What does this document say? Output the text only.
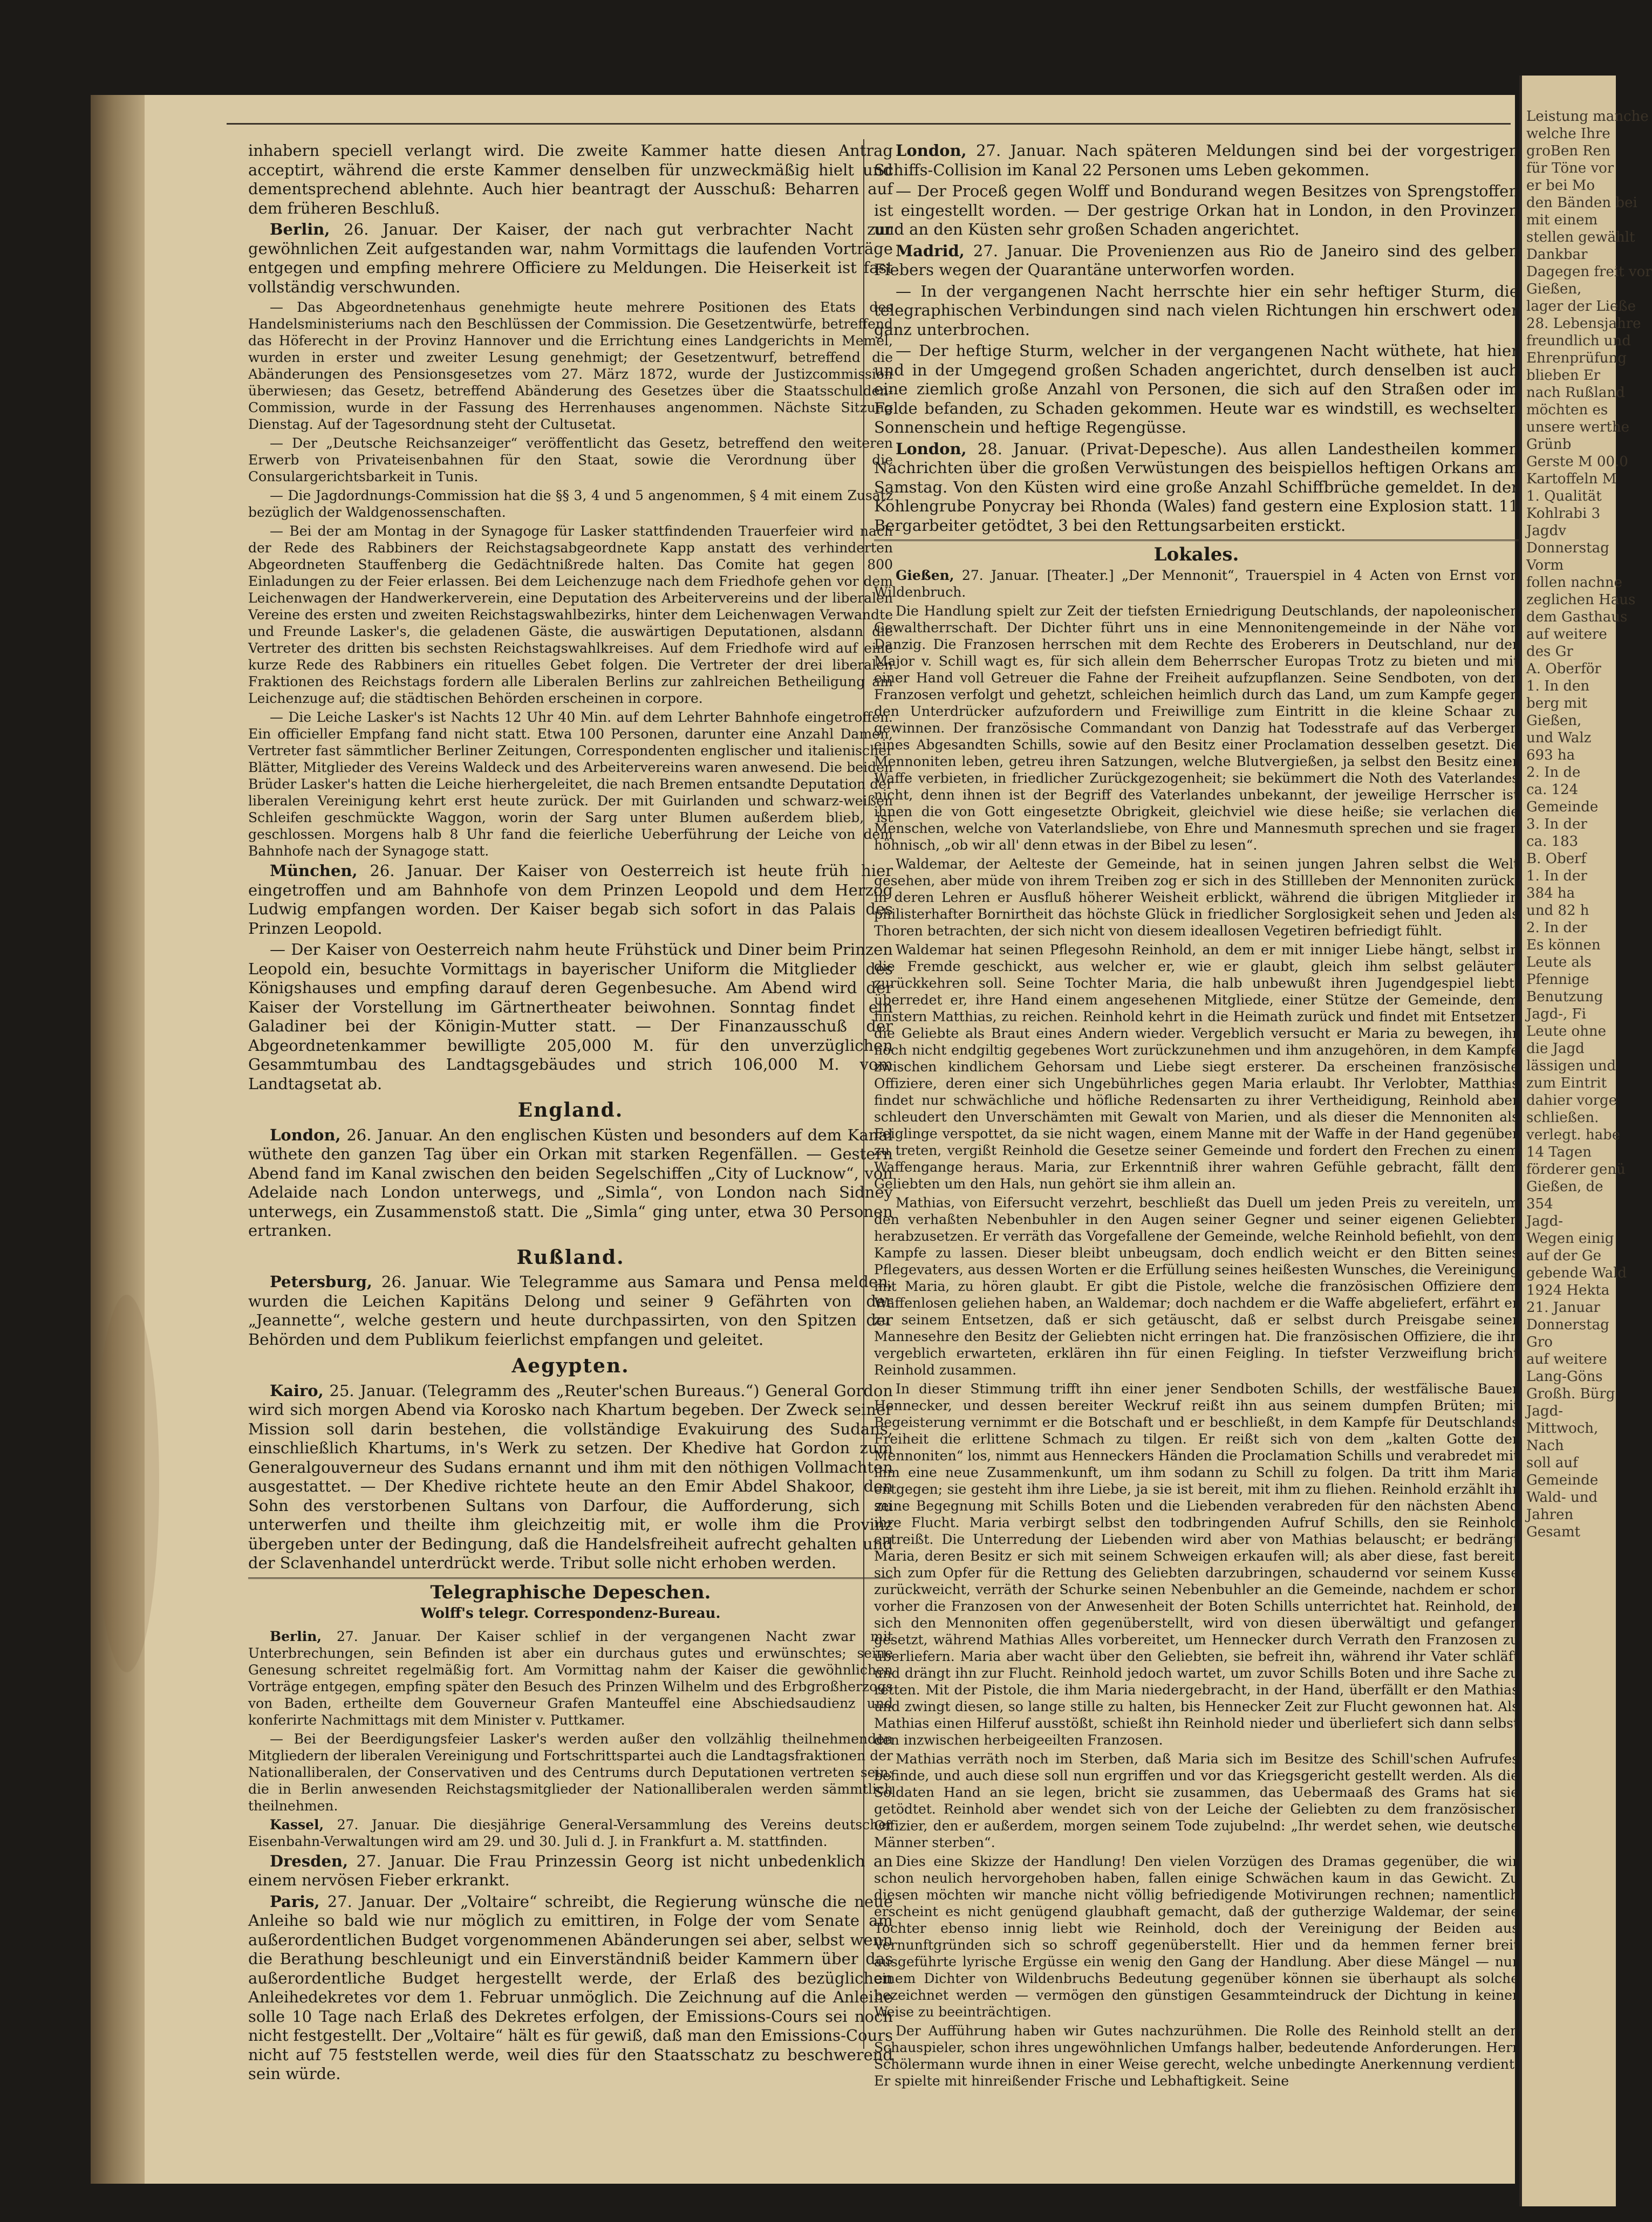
inhabern speciell verlangt wird. Die zweite Kammer hatte diesen Antrag acceptirt, während die erste Kammer denselben für unzweckmäßig hielt und dementsprechend ablehnte. Auch hier beantragt der Ausschuß: Beharren auf dem früheren Beschluß.

Berlin, 26. Januar. Der Kaiser, der nach gut verbrachter Nacht zur gewöhnlichen Zeit aufgestanden war, nahm Vormittags die laufenden Vorträge entgegen und empfing mehrere Officiere zu Meldungen. Die Heiserkeit ist fast vollständig verschwunden.

— Das Abgeordnetenhaus genehmigte heute mehrere Positionen des Etats des Handelsministeriums nach den Beschlüssen der Commission. Die Gesetzentwürfe, betreffend das Höferecht in der Provinz Hannover und die Errichtung eines Landgerichts in Memel, wurden in erster und zweiter Lesung genehmigt; der Gesetzentwurf, betreffend die Abänderungen des Pensionsgesetzes vom 27. März 1872, wurde der Justizcommission überwiesen; das Gesetz, betreffend Abänderung des Gesetzes über die Staatsschulden-Commission, wurde in der Fassung des Herrenhauses angenommen. Nächste Sitzung Dienstag. Auf der Tagesordnung steht der Cultusetat.

— Der „Deutsche Reichsanzeiger“ veröffentlicht das Gesetz, betreffend den weiteren Erwerb von Privateisenbahnen für den Staat, sowie die Verordnung über die Consulargerichtsbarkeit in Tunis.

— Die Jagdordnungs-Commission hat die §§ 3, 4 und 5 angenommen, § 4 mit einem Zusatz bezüglich der Waldgenossenschaften.

— Bei der am Montag in der Synagoge für Lasker stattfindenden Trauerfeier wird nach der Rede des Rabbiners der Reichstagsabgeordnete Kapp anstatt des verhinderten Abgeordneten Stauffenberg die Gedächtnißrede halten. Das Comite hat gegen 800 Einladungen zu der Feier erlassen. Bei dem Leichenzuge nach dem Friedhofe gehen vor dem Leichenwagen der Handwerkerverein, eine Deputation des Arbeitervereins und der liberalen Vereine des ersten und zweiten Reichstagswahlbezirks, hinter dem Leichenwagen Verwandte und Freunde Lasker's, die geladenen Gäste, die auswärtigen Deputationen, alsdann die Vertreter des dritten bis sechsten Reichstagswahlkreises. Auf dem Friedhofe wird auf eine kurze Rede des Rabbiners ein rituelles Gebet folgen. Die Vertreter der drei liberalen Fraktionen des Reichstags fordern alle Liberalen Berlins zur zahlreichen Betheiligung am Leichenzuge auf; die städtischen Behörden erscheinen in corpore.

— Die Leiche Lasker's ist Nachts 12 Uhr 40 Min. auf dem Lehrter Bahnhofe eingetroffen. Ein officieller Empfang fand nicht statt. Etwa 100 Personen, darunter eine Anzahl Damen, Vertreter fast sämmtlicher Berliner Zeitungen, Correspondenten englischer und italienischer Blätter, Mitglieder des Vereins Waldeck und des Arbeitervereins waren anwesend. Die beiden Brüder Lasker's hatten die Leiche hierhergeleitet, die nach Bremen entsandte Deputation der liberalen Vereinigung kehrt erst heute zurück. Der mit Guirlanden und schwarz-weißen Schleifen geschmückte Waggon, worin der Sarg unter Blumen außerdem blieb, ist geschlossen. Morgens halb 8 Uhr fand die feierliche Ueberführung der Leiche von dem Bahnhofe nach der Synagoge statt.

München, 26. Januar. Der Kaiser von Oesterreich ist heute früh hier eingetroffen und am Bahnhofe von dem Prinzen Leopold und dem Herzog Ludwig empfangen worden. Der Kaiser begab sich sofort in das Palais des Prinzen Leopold.

— Der Kaiser von Oesterreich nahm heute Frühstück und Diner beim Prinzen Leopold ein, besuchte Vormittags in bayerischer Uniform die Mitglieder des Königshauses und empfing darauf deren Gegenbesuche. Am Abend wird der Kaiser der Vorstellung im Gärtnertheater beiwohnen. Sonntag findet ein Galadiner bei der Königin-Mutter statt. — Der Finanzausschuß der Abgeordnetenkammer bewilligte 205,000 M. für den unverzüglichen Gesammtumbau des Landtagsgebäudes und strich 106,000 M. vom Landtagsetat ab.

England.

London, 26. Januar. An den englischen Küsten und besonders auf dem Kanal wüthete den ganzen Tag über ein Orkan mit starken Regenfällen. — Gestern Abend fand im Kanal zwischen den beiden Segelschiffen „City of Lucknow“, von Adelaide nach London unterwegs, und „Simla“, von London nach Sidney unterwegs, ein Zusammenstoß statt. Die „Simla“ ging unter, etwa 30 Personen ertranken.

Rußland.

Petersburg, 26. Januar. Wie Telegramme aus Samara und Pensa melden, wurden die Leichen Kapitäns Delong und seiner 9 Gefährten von der „Jeannette“, welche gestern und heute durchpassirten, von den Spitzen der Behörden und dem Publikum feierlichst empfangen und geleitet.

Aegypten.

Kairo, 25. Januar. (Telegramm des „Reuter'schen Bureaus.“) General Gordon wird sich morgen Abend via Korosko nach Khartum begeben. Der Zweck seiner Mission soll darin bestehen, die vollständige Evakuirung des Sudans, einschließlich Khartums, in's Werk zu setzen. Der Khedive hat Gordon zum Generalgouverneur des Sudans ernannt und ihm mit den nöthigen Vollmachten ausgestattet. — Der Khedive richtete heute an den Emir Abdel Shakoor, den Sohn des verstorbenen Sultans von Darfour, die Aufforderung, sich zu unterwerfen und theilte ihm gleichzeitig mit, er wolle ihm die Provinz übergeben unter der Bedingung, daß die Handelsfreiheit aufrecht gehalten und der Sclavenhandel unterdrückt werde. Tribut solle nicht erhoben werden.

Telegraphische Depeschen.
Wolff's telegr. Correspondenz-Bureau.

Berlin, 27. Januar. Der Kaiser schlief in der vergangenen Nacht zwar mit Unterbrechungen, sein Befinden ist aber ein durchaus gutes und erwünschtes; seine Genesung schreitet regelmäßig fort. Am Vormittag nahm der Kaiser die gewöhnlichen Vorträge entgegen, empfing später den Besuch des Prinzen Wilhelm und des Erbgroßherzogs von Baden, ertheilte dem Gouverneur Grafen Manteuffel eine Abschiedsaudienz und konferirte Nachmittags mit dem Minister v. Puttkamer.

— Bei der Beerdigungsfeier Lasker's werden außer den vollzählig theilnehmenden Mitgliedern der liberalen Vereinigung und Fortschrittspartei auch die Landtagsfraktionen der Nationalliberalen, der Conservativen und des Centrums durch Deputationen vertreten sein; die in Berlin anwesenden Reichstagsmitglieder der Nationalliberalen werden sämmtlich theilnehmen.

Kassel, 27. Januar. Die diesjährige General-Versammlung des Vereins deutscher Eisenbahn-Verwaltungen wird am 29. und 30. Juli d. J. in Frankfurt a. M. stattfinden.

Dresden, 27. Januar. Die Frau Prinzessin Georg ist nicht unbedenklich an einem nervösen Fieber erkrankt.

Paris, 27. Januar. Der „Voltaire“ schreibt, die Regierung wünsche die neue Anleihe so bald wie nur möglich zu emittiren, in Folge der vom Senate am außerordentlichen Budget vorgenommenen Abänderungen sei aber, selbst wenn die Berathung beschleunigt und ein Einverständniß beider Kammern über das außerordentliche Budget hergestellt werde, der Erlaß des bezüglichen Anleihedekretes vor dem 1. Februar unmöglich. Die Zeichnung auf die Anleihe solle 10 Tage nach Erlaß des Dekretes erfolgen, der Emissions-Cours sei noch nicht festgestellt. Der „Voltaire“ hält es für gewiß, daß man den Emissions-Cours nicht auf 75 feststellen werde, weil dies für den Staatsschatz zu beschwerend sein würde.

London, 27. Januar. Nach späteren Meldungen sind bei der vorgestrigen Schiffs-Collision im Kanal 22 Personen ums Leben gekommen.

— Der Proceß gegen Wolff und Bondurand wegen Besitzes von Sprengstoffen ist eingestellt worden. — Der gestrige Orkan hat in London, in den Provinzen und an den Küsten sehr großen Schaden angerichtet.

Madrid, 27. Januar. Die Provenienzen aus Rio de Janeiro sind des gelben Fiebers wegen der Quarantäne unterworfen worden.

— In der vergangenen Nacht herrschte hier ein sehr heftiger Sturm, die telegraphischen Verbindungen sind nach vielen Richtungen hin erschwert oder ganz unterbrochen.

— Der heftige Sturm, welcher in der vergangenen Nacht wüthete, hat hier und in der Umgegend großen Schaden angerichtet, durch denselben ist auch eine ziemlich große Anzahl von Personen, die sich auf den Straßen oder im Felde befanden, zu Schaden gekommen. Heute war es windstill, es wechselten Sonnenschein und heftige Regengüsse.

London, 28. Januar. (Privat-Depesche). Aus allen Landestheilen kommen Nachrichten über die großen Verwüstungen des beispiellos heftigen Orkans am Samstag. Von den Küsten wird eine große Anzahl Schiffbrüche gemeldet. In der Kohlengrube Ponycray bei Rhonda (Wales) fand gestern eine Explosion statt. 11 Bergarbeiter getödtet, 3 bei den Rettungsarbeiten erstickt.

Lokales.

Gießen, 27. Januar. [Theater.] „Der Mennonit“, Trauerspiel in 4 Acten von Ernst von Wildenbruch.

Die Handlung spielt zur Zeit der tiefsten Erniedrigung Deutschlands, der napoleonischen Gewaltherrschaft. Der Dichter führt uns in eine Mennonitengemeinde in der Nähe von Danzig. Die Franzosen herrschen mit dem Rechte des Eroberers in Deutschland, nur der Major v. Schill wagt es, für sich allein dem Beherrscher Europas Trotz zu bieten und mit einer Hand voll Getreuer die Fahne der Freiheit aufzupflanzen. Seine Sendboten, von den Franzosen verfolgt und gehetzt, schleichen heimlich durch das Land, um zum Kampfe gegen den Unterdrücker aufzufordern und Freiwillige zum Eintritt in die kleine Schaar zu gewinnen. Der französische Commandant von Danzig hat Todesstrafe auf das Verbergen eines Abgesandten Schills, sowie auf den Besitz einer Proclamation desselben gesetzt. Die Mennoniten leben, getreu ihren Satzungen, welche Blutvergießen, ja selbst den Besitz einer Waffe verbieten, in friedlicher Zurückgezogenheit; sie bekümmert die Noth des Vaterlandes nicht, denn ihnen ist der Begriff des Vaterlandes unbekannt, der jeweilige Herrscher ist ihnen die von Gott eingesetzte Obrigkeit, gleichviel wie diese heiße; sie verlachen die Menschen, welche von Vaterlandsliebe, von Ehre und Mannesmuth sprechen und sie fragen höhnisch, „ob wir all' denn etwas in der Bibel zu lesen“.

Waldemar, der Aelteste der Gemeinde, hat in seinen jungen Jahren selbst die Welt gesehen, aber müde von ihrem Treiben zog er sich in des Stillleben der Mennoniten zurück, in deren Lehren er Ausfluß höherer Weisheit erblickt, während die übrigen Mitglieder in philisterhafter Bornirtheit das höchste Glück in friedlicher Sorglosigkeit sehen und Jeden als Thoren betrachten, der sich nicht von diesem ideallosen Vegetiren befriedigt fühlt.

Waldemar hat seinen Pflegesohn Reinhold, an dem er mit inniger Liebe hängt, selbst in die Fremde geschickt, aus welcher er, wie er glaubt, gleich ihm selbst geläutert zurückkehren soll. Seine Tochter Maria, die halb unbewußt ihren Jugendgespiel liebt, überredet er, ihre Hand einem angesehenen Mitgliede, einer Stütze der Gemeinde, dem finstern Matthias, zu reichen. Reinhold kehrt in die Heimath zurück und findet mit Entsetzen die Geliebte als Braut eines Andern wieder. Vergeblich versucht er Maria zu bewegen, ihr noch nicht endgiltig gegebenes Wort zurückzunehmen und ihm anzugehören, in dem Kampfe zwischen kindlichem Gehorsam und Liebe siegt ersterer. Da erscheinen französische Offiziere, deren einer sich Ungebührliches gegen Maria erlaubt. Ihr Verlobter, Matthias findet nur schwächliche und höfliche Redensarten zu ihrer Vertheidigung, Reinhold aber schleudert den Unverschämten mit Gewalt von Marien, und als dieser die Mennoniten als Feiglinge verspottet, da sie nicht wagen, einem Manne mit der Waffe in der Hand gegenüber zu treten, vergißt Reinhold die Gesetze seiner Gemeinde und fordert den Frechen zu einem Waffengange heraus. Maria, zur Erkenntniß ihrer wahren Gefühle gebracht, fällt dem Geliebten um den Hals, nun gehört sie ihm allein an.

Mathias, von Eifersucht verzehrt, beschließt das Duell um jeden Preis zu vereiteln, um den verhaßten Nebenbuhler in den Augen seiner Gegner und seiner eigenen Geliebten herabzusetzen. Er verräth das Vorgefallene der Gemeinde, welche Reinhold befiehlt, von dem Kampfe zu lassen. Dieser bleibt unbeugsam, doch endlich weicht er den Bitten seines Pflegevaters, aus dessen Worten er die Erfüllung seines heißesten Wunsches, die Vereinigung mit Maria, zu hören glaubt. Er gibt die Pistole, welche die französischen Offiziere dem Waffenlosen geliehen haben, an Waldemar; doch nachdem er die Waffe abgeliefert, erfährt er zu seinem Entsetzen, daß er sich getäuscht, daß er selbst durch Preisgabe seiner Mannesehre den Besitz der Geliebten nicht erringen hat. Die französischen Offiziere, die ihn vergeblich erwarteten, erklären ihn für einen Feigling. In tiefster Verzweiflung bricht Reinhold zusammen.

In dieser Stimmung trifft ihn einer jener Sendboten Schills, der westfälische Bauer Hennecker, und dessen bereiter Weckruf reißt ihn aus seinem dumpfen Brüten; mit Begeisterung vernimmt er die Botschaft und er beschließt, in dem Kampfe für Deutschlands Freiheit die erlittene Schmach zu tilgen. Er reißt sich von dem „kalten Gotte der Mennoniten“ los, nimmt aus Henneckers Händen die Proclamation Schills und verabredet mit ihm eine neue Zusammenkunft, um ihm sodann zu Schill zu folgen. Da tritt ihm Maria entgegen; sie gesteht ihm ihre Liebe, ja sie ist bereit, mit ihm zu fliehen. Reinhold erzählt ihr seine Begegnung mit Schills Boten und die Liebenden verabreden für den nächsten Abend ihre Flucht. Maria verbirgt selbst den todbringenden Aufruf Schills, den sie Reinhold entreißt. Die Unterredung der Liebenden wird aber von Mathias belauscht; er bedrängt Maria, deren Besitz er sich mit seinem Schweigen erkaufen will; als aber diese, fast bereit, sich zum Opfer für die Rettung des Geliebten darzubringen, schaudernd vor seinem Kusse zurückweicht, verräth der Schurke seinen Nebenbuhler an die Gemeinde, nachdem er schon vorher die Franzosen von der Anwesenheit der Boten Schills unterrichtet hat. Reinhold, der sich den Mennoniten offen gegenüberstellt, wird von diesen überwältigt und gefangen gesetzt, während Mathias Alles vorbereitet, um Hennecker durch Verrath den Franzosen zu überliefern. Maria aber wacht über den Geliebten, sie befreit ihn, während ihr Vater schläft und drängt ihn zur Flucht. Reinhold jedoch wartet, um zuvor Schills Boten und ihre Sache zu retten. Mit der Pistole, die ihm Maria niedergebracht, in der Hand, überfällt er den Mathias und zwingt diesen, so lange stille zu halten, bis Hennecker Zeit zur Flucht gewonnen hat. Als Mathias einen Hilferuf ausstößt, schießt ihn Reinhold nieder und überliefert sich dann selbst den inzwischen herbeigeeilten Franzosen.

Mathias verräth noch im Sterben, daß Maria sich im Besitze des Schill'schen Aufrufes befinde, und auch diese soll nun ergriffen und vor das Kriegsgericht gestellt werden. Als die Soldaten Hand an sie legen, bricht sie zusammen, das Uebermaaß des Grams hat sie getödtet. Reinhold aber wendet sich von der Leiche der Geliebten zu dem französischen Offizier, den er außerdem, morgen seinem Tode zujubelnd: „Ihr werdet sehen, wie deutsche Männer sterben“.

Dies eine Skizze der Handlung! Den vielen Vorzügen des Dramas gegenüber, die wir schon neulich hervorgehoben haben, fallen einige Schwächen kaum in das Gewicht. Zu diesen möchten wir manche nicht völlig befriedigende Motivirungen rechnen; namentlich erscheint es nicht genügend glaubhaft gemacht, daß der gutherzige Waldemar, der seine Tochter ebenso innig liebt wie Reinhold, doch der Vereinigung der Beiden aus Vernunftgründen sich so schroff gegenüberstellt. Hier und da hemmen ferner breit ausgeführte lyrische Ergüsse ein wenig den Gang der Handlung. Aber diese Mängel — nur einem Dichter von Wildenbruchs Bedeutung gegenüber können sie überhaupt als solche bezeichnet werden — vermögen den günstigen Gesammteindruck der Dichtung in keiner Weise zu beeinträchtigen.

Der Aufführung haben wir Gutes nachzurühmen. Die Rolle des Reinhold stellt an den Schauspieler, schon ihres ungewöhnlichen Umfangs halber, bedeutende Anforderungen. Herr Schölermann wurde ihnen in einer Weise gerecht, welche unbedingte Anerkennung verdient. Er spielte mit hinreißender Frische und Lebhaftigkeit. Seine

Leistung manche
welche Ihre
groBen Ren
für Töne vor
er bei Mo
den Bänden bei
mit einem
stellen gewählt
Dankbar
Dagegen freit vor
Gießen,
lager der Ließe
28. Lebensjahre
freundlich und
Ehrenprüfung
blieben Er
nach Rußland
möchten es
unsere werthe
Grünb
Gerste M 00.0
Kartoffeln M
1. Qualität
Kohlrabi 3
Jagdv
Donnerstag
Vorm
follen nachne
zeglichen Haus
dem Gasthaus
auf weitere
des Gr
A. Oberför
1. In den
berg mit
Gießen,
und Walz
693 ha
2. In de
ca. 124
Gemeinde
3. In der
ca. 183
B. Oberf
1. In der
384 ha
und 82 h
2. In der
Es können
Leute als
Pfennige
Benutzung
Jagd-, Fi
Leute ohne
die Jagd
lässigen und
zum Eintrit
dahier vorge
schließen.
verlegt. habe
14 Tagen
förderer genü
Gießen, de
354
Jagd-
Wegen einig
auf der Ge
gebende Wald
1924 Hekta
21. Januar
Donnerstag
Gro
auf weitere
Lang-Göns
Großh. Bürg
Jagd-
Mittwoch,
Nach
soll auf
Gemeinde
Wald- und
Jahren
Gesamt
